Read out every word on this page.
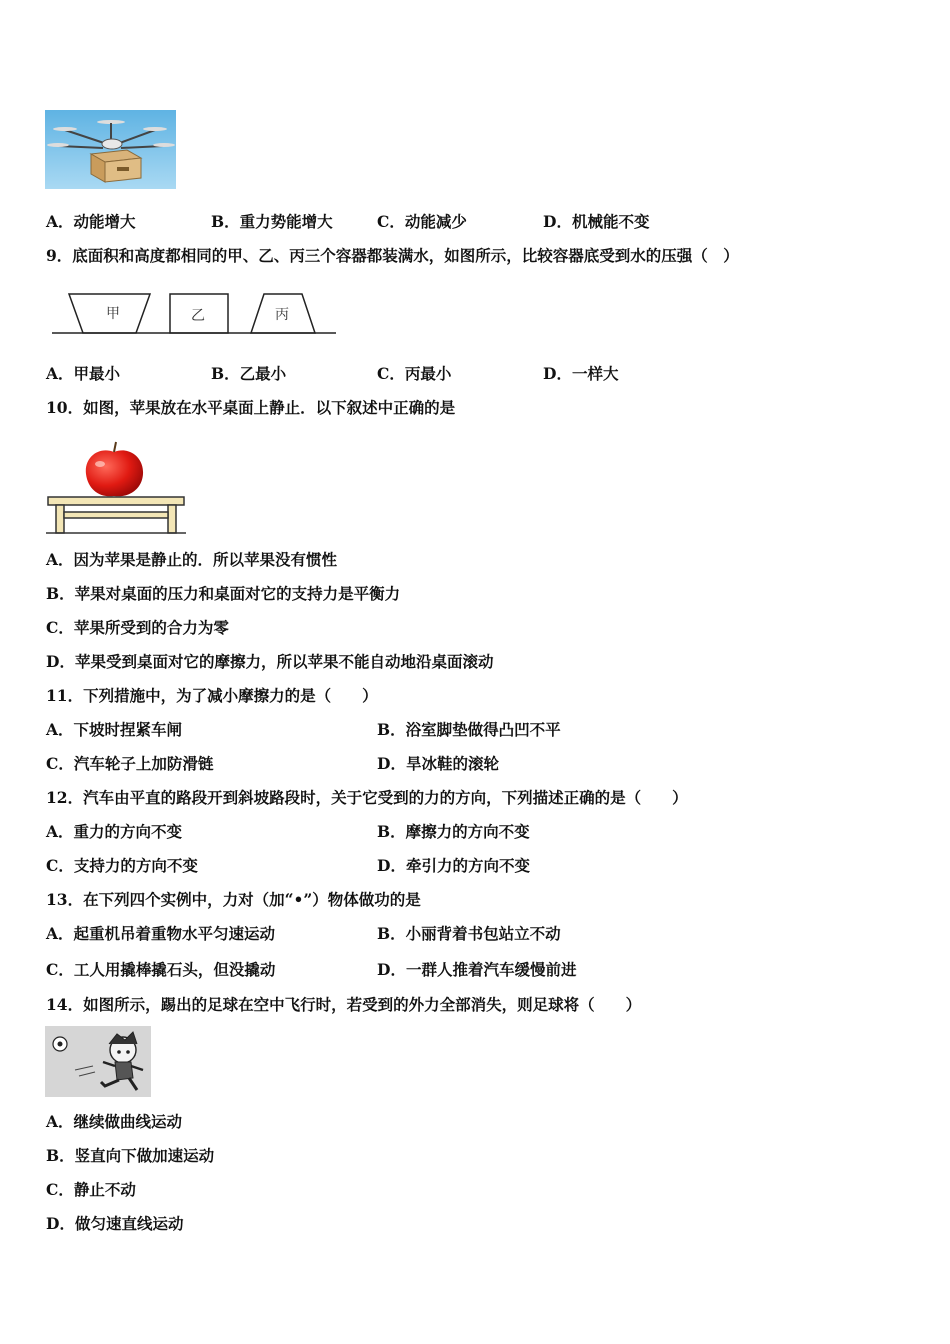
A．动能增大	B．重力势能增大	C．动能减少	D．机械能不变
9．底面积和高度都相同的甲、乙、丙三个容器都装满水，如图所示，比较容器底受到水的压强（　）
甲	乙	丙
A．甲最小	B．乙最小	C．丙最小	D．一样大
10．如图，苹果放在水平桌面上静止．以下叙述中正确的是
A．因为苹果是静止的．所以苹果没有惯性
B．苹果对桌面的压力和桌面对它的支持力是平衡力
C．苹果所受到的合力为零
D．苹果受到桌面对它的摩擦力，所以苹果不能自动地沿桌面滚动
11．下列措施中，为了减小摩擦力的是（　　）
A．下坡时捏紧车闸	B．浴室脚垫做得凸凹不平
C．汽车轮子上加防滑链	D．旱冰鞋的滚轮
12．汽车由平直的路段开到斜坡路段时，关于它受到的力的方向，下列描述正确的是（　　）
A．重力的方向不变	B．摩擦力的方向不变
C．支持力的方向不变	D．牵引力的方向不变
13．在下列四个实例中，力对（加“•”）物体做功的是
A．起重机吊着重物水平匀速运动	B．小丽背着书包站立不动
C．工人用撬棒撬石头，但没撬动	D．一群人推着汽车缓慢前进
14．如图所示，踢出的足球在空中飞行时，若受到的外力全部消失，则足球将（　　）
A．继续做曲线运动
B．竖直向下做加速运动
C．静止不动
D．做匀速直线运动
